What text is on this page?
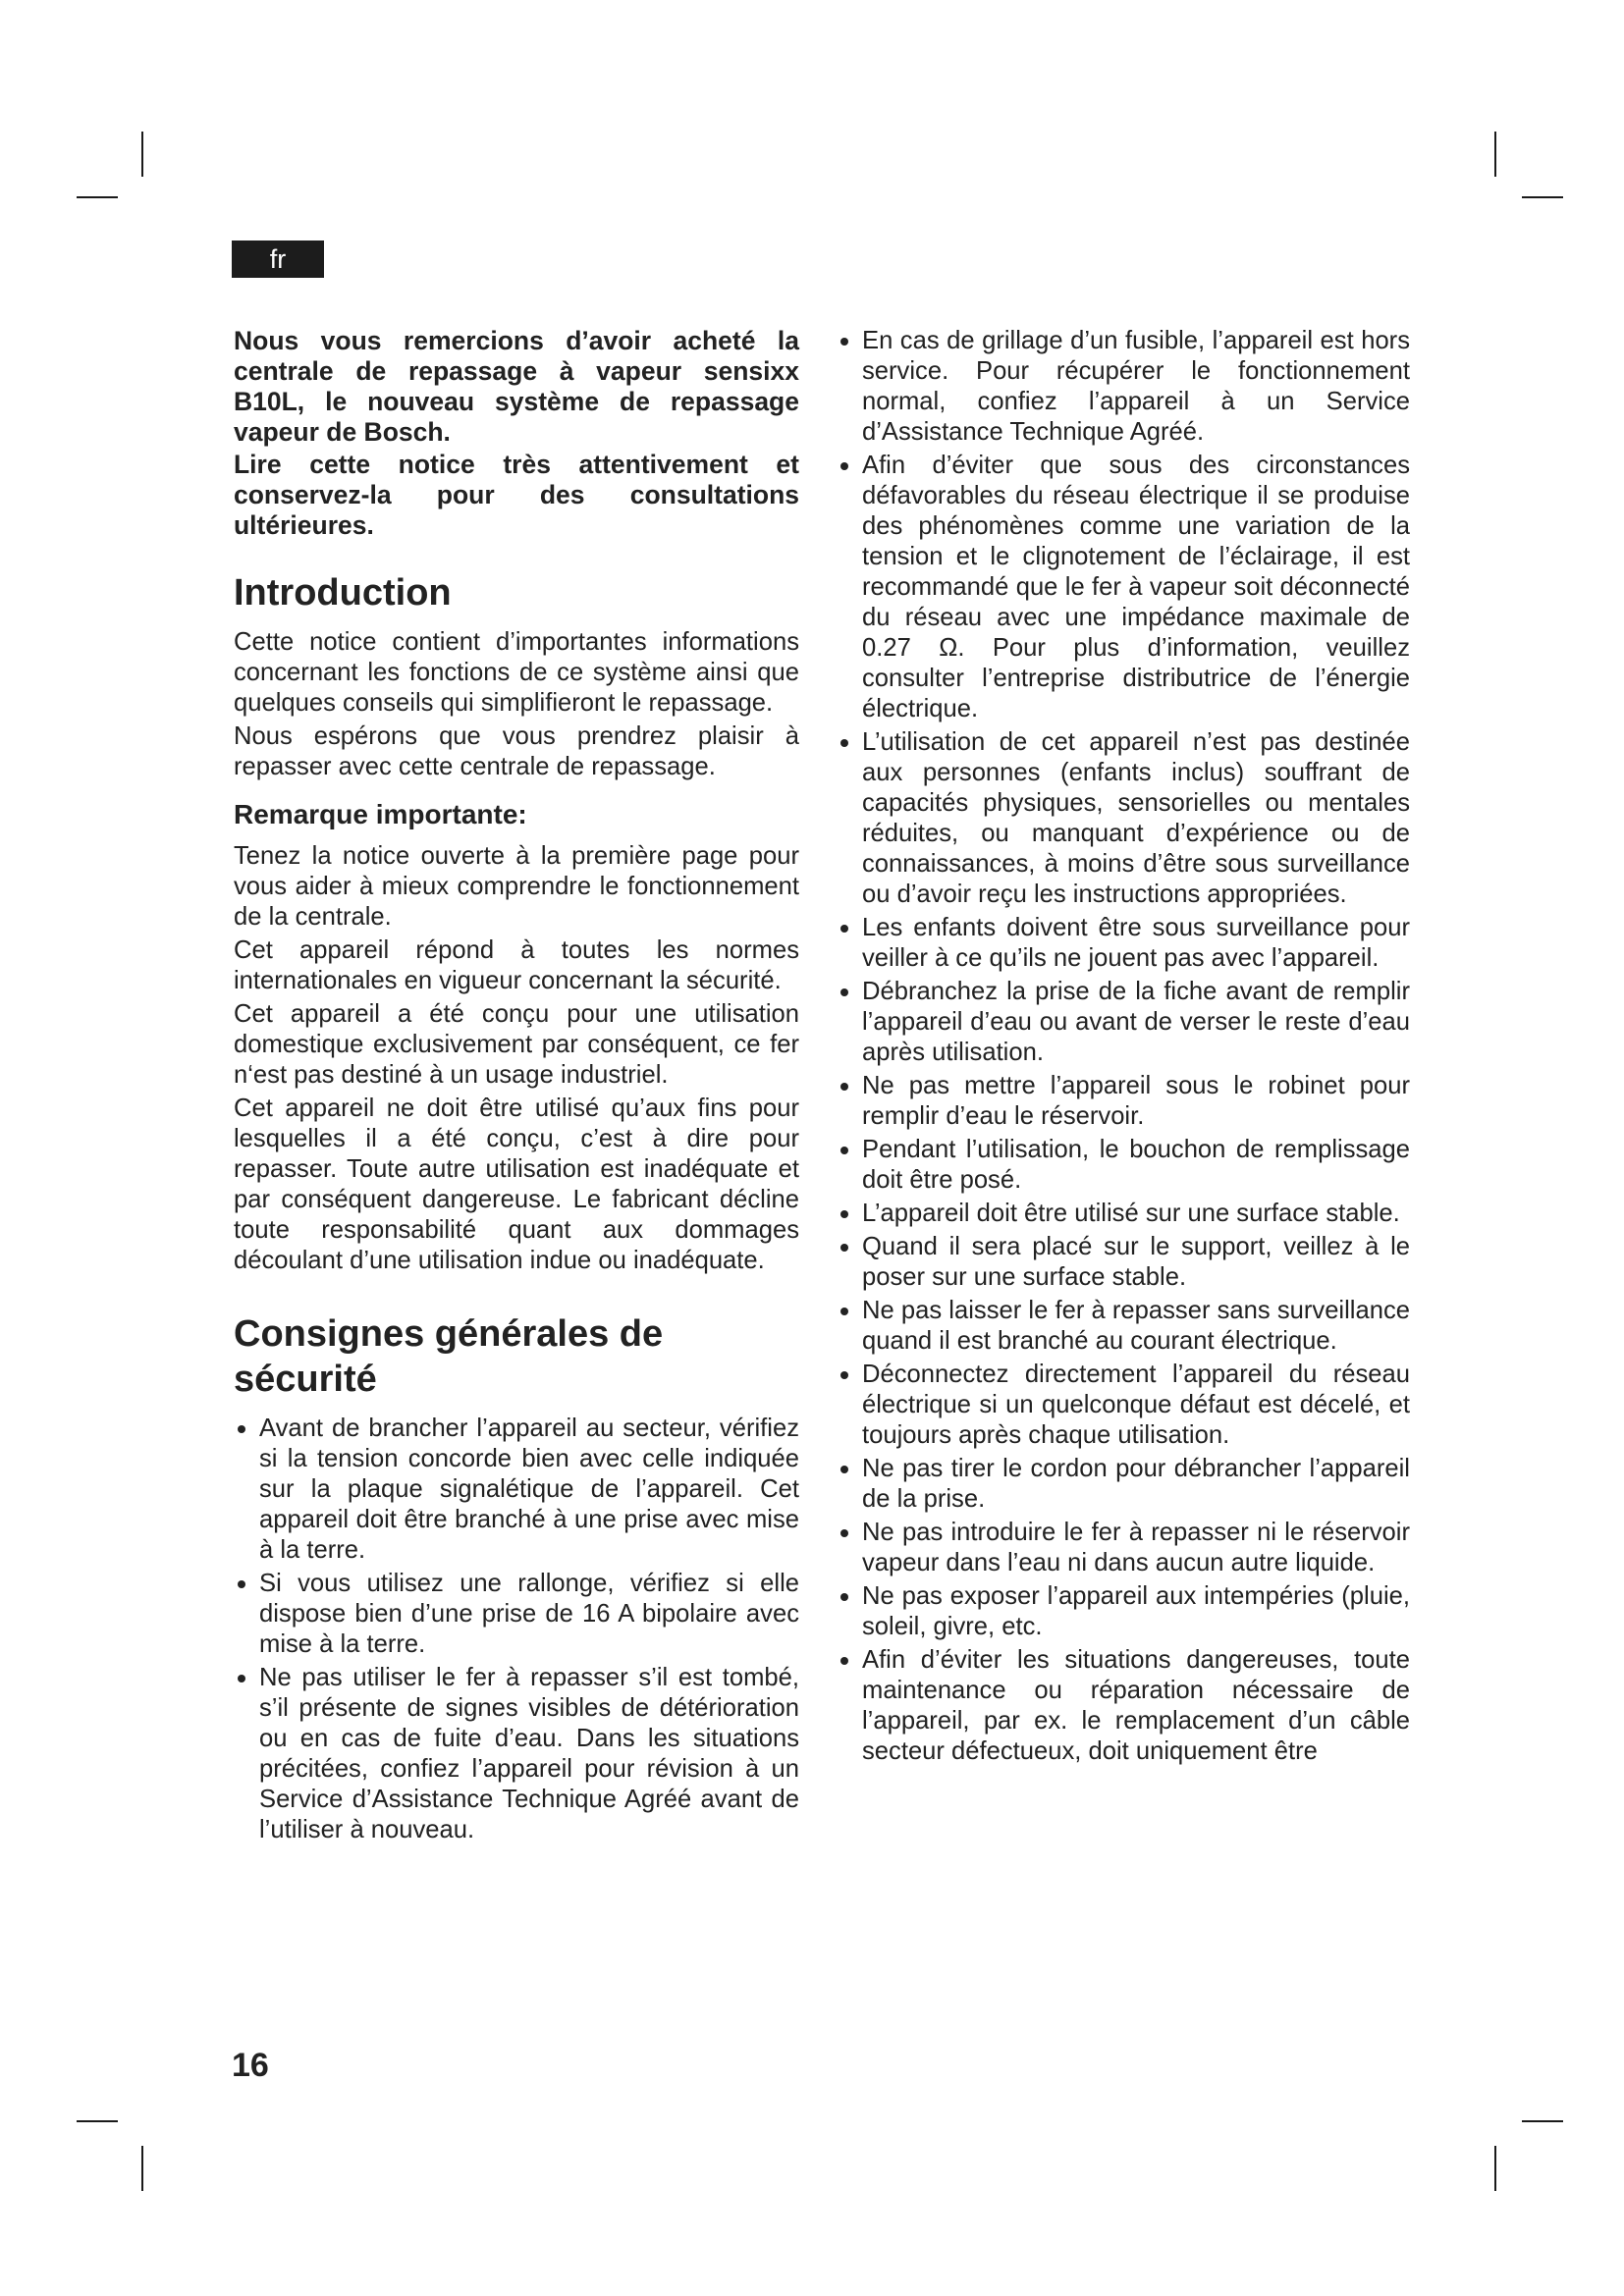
fr

Nous vous remercions d’avoir acheté la centrale de repassage à vapeur sensixx B10L, le nouveau système de repassage vapeur de Bosch.

Lire cette notice très attentivement et conservez-la pour des consultations ultérieures.

Introduction

Cette notice contient d’importantes informations concernant les fonctions de ce système ainsi que quelques conseils qui simplifieront le repassage.

Nous espérons que vous prendrez plaisir à repasser avec cette centrale de repassage.

Remarque importante:

Tenez la notice ouverte à la première page pour vous aider à mieux comprendre le fonctionnement de la centrale.

Cet appareil répond à toutes les normes internationales en vigueur concernant la sécurité.

Cet appareil a été conçu pour une utilisation domestique exclusivement par conséquent, ce fer n‘est pas destiné à un usage industriel.

Cet appareil ne doit être utilisé qu’aux fins pour lesquelles il a été conçu, c’est à dire pour repasser. Toute autre utilisation est inadéquate et par conséquent dangereuse. Le fabricant décline toute responsabilité quant aux dommages découlant d’une utilisation indue ou inadéquate.

Consignes générales de sécurité
Avant de brancher l’appareil au secteur, vérifiez si la tension concorde bien avec celle indiquée sur la plaque signalétique de l’appareil. Cet appareil doit être branché à une prise avec mise à la terre.
Si vous utilisez une rallonge, vérifiez si elle dispose bien d’une prise de 16 A bipolaire avec mise à la terre.
Ne pas utiliser le fer à repasser s’il est tombé, s’il présente de signes visibles de détérioration ou en cas de fuite d’eau. Dans les situations précitées, confiez l’appareil pour révision à un Service d’Assistance Technique Agréé avant de l’utiliser à nouveau.
En cas de grillage d’un fusible, l’appareil est hors service. Pour récupérer le fonctionnement normal, confiez l’appareil à un Service d’Assistance Technique Agréé.
Afin d’éviter que sous des circonstances défavorables du réseau électrique il se produise des phénomènes comme une variation de la tension et le clignotement de l’éclairage, il est recommandé que le fer à vapeur soit déconnecté du réseau avec une impédance maximale de 0.27 Ω. Pour plus d’information, veuillez consulter l’entreprise distributrice de l’énergie électrique.
L’utilisation de cet appareil n’est pas destinée aux personnes (enfants inclus) souffrant de capacités physiques, sensorielles ou mentales réduites, ou manquant d’expérience ou de connaissances, à moins d’être sous surveillance ou d’avoir reçu les instructions appropriées.
Les enfants doivent être sous surveillance pour veiller à ce qu’ils ne jouent pas avec l’appareil.
Débranchez la prise de la fiche avant de remplir l’appareil d’eau ou avant de verser le reste d’eau après utilisation.
Ne pas mettre l’appareil sous le robinet pour remplir d’eau le réservoir.
Pendant l’utilisation, le bouchon de remplissage doit être posé.
L’appareil doit être utilisé sur une surface stable.
Quand il sera placé sur le support, veillez à le poser sur une surface stable.
Ne pas laisser le fer à repasser sans surveillance quand il est branché au courant électrique.
Déconnectez directement l’appareil du réseau électrique si un quelconque défaut est décelé, et toujours après chaque utilisation.
Ne pas tirer le cordon pour débrancher l’appareil de la prise.
Ne pas introduire le fer à repasser ni le réservoir vapeur dans l’eau ni dans aucun autre liquide.
Ne pas exposer l’appareil aux intempéries (pluie, soleil, givre, etc.
Afin d’éviter les situations dangereuses, toute maintenance ou réparation nécessaire de l’appareil, par ex. le remplacement d’un câble secteur défectueux, doit uniquement être
16
